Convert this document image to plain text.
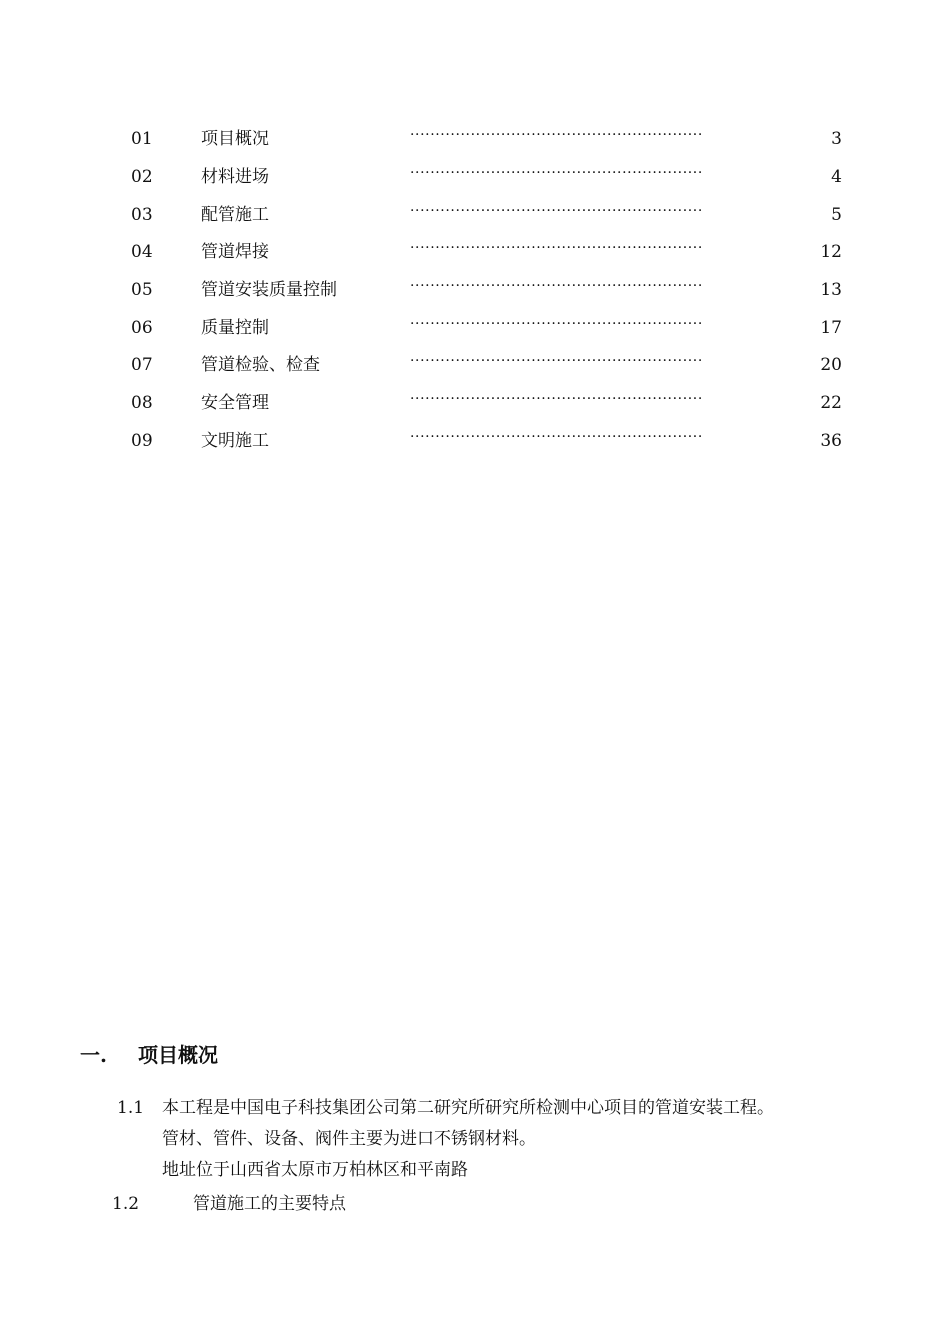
01	项目概况	··························································	3
02	材料进场	··························································	4
03	配管施工	··························································	5
04	管道焊接	··························································	12
05	管道安装质量控制	··························································	13
06	质量控制	··························································	17
07	管道检验、检查	··························································	20
08	安全管理	··························································	22
09	文明施工	··························································	36
一. 项目概况
1.1 本工程是中国电子科技集团公司第二研究所研究所检测中心项目的管道安装工程。
管材、管件、设备、阀件主要为进口不锈钢材料。
地址位于山西省太原市万柏林区和平南路
1.2	管道施工的主要特点
